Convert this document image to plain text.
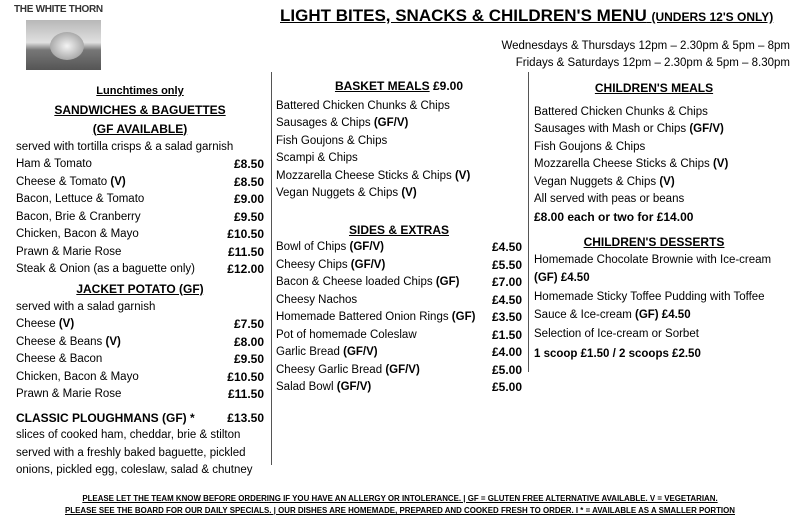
THE WHITE THORN	LIGHT BITES, SNACKS & CHILDREN'S MENU (UNDERS 12'S ONLY)
Wednesdays & Thursdays 12pm – 2.30pm & 5pm – 8pm
Fridays & Saturdays 12pm – 2.30pm & 5pm – 8.30pm
Lunchtimes only
SANDWICHES & BAGUETTES
(GF AVAILABLE)
served with tortilla crisps & a salad garnish
Ham & Tomato	£8.50
Cheese & Tomato (V)	£8.50
Bacon, Lettuce & Tomato	£9.00
Bacon, Brie & Cranberry	£9.50
Chicken, Bacon & Mayo	£10.50
Prawn & Marie Rose	£11.50
Steak & Onion (as a baguette only)	£12.00
JACKET POTATO (GF)
served with a salad garnish
Cheese (V)	£7.50
Cheese & Beans (V)	£8.00
Cheese & Bacon	£9.50
Chicken, Bacon & Mayo	£10.50
Prawn & Marie Rose	£11.50
CLASSIC PLOUGHMANS (GF) *	£13.50
slices of cooked ham, cheddar, brie & stilton
served with a freshly baked baguette, pickled
onions, pickled egg, coleslaw, salad & chutney
BASKET MEALS £9.00
Battered Chicken Chunks & Chips
Sausages & Chips (GF/V)
Fish Goujons & Chips
Scampi & Chips
Mozzarella Cheese Sticks & Chips (V)
Vegan Nuggets & Chips (V)
SIDES & EXTRAS
Bowl of Chips (GF/V)	£4.50
Cheesy Chips (GF/V)	£5.50
Bacon & Cheese loaded Chips (GF)	£7.00
Cheesy Nachos	£4.50
Homemade Battered Onion Rings (GF)	£3.50
Pot of homemade Coleslaw	£1.50
Garlic Bread (GF/V)	£4.00
Cheesy Garlic Bread (GF/V)	£5.00
Salad Bowl (GF/V)	£5.00
CHILDREN'S MEALS
Battered Chicken Chunks & Chips
Sausages with Mash or Chips (GF/V)
Fish Goujons & Chips
Mozzarella Cheese Sticks & Chips (V)
Vegan Nuggets & Chips (V)
All served with peas or beans
£8.00 each or two for £14.00
CHILDREN'S DESSERTS
Homemade Chocolate Brownie with Ice-cream
(GF) £4.50
Homemade Sticky Toffee Pudding with Toffee
Sauce & Ice-cream (GF) £4.50
Selection of Ice-cream or Sorbet
1 scoop £1.50 / 2 scoops £2.50
PLEASE LET THE TEAM KNOW BEFORE ORDERING IF YOU HAVE AN ALLERGY OR INTOLERANCE. | GF = GLUTEN FREE ALTERNATIVE AVAILABLE. V = VEGETARIAN.
PLEASE SEE THE BOARD FOR OUR DAILY SPECIALS. | OUR DISHES ARE HOMEMADE, PREPARED AND COOKED FRESH TO ORDER. I * = AVAILABLE AS A SMALLER PORTION
